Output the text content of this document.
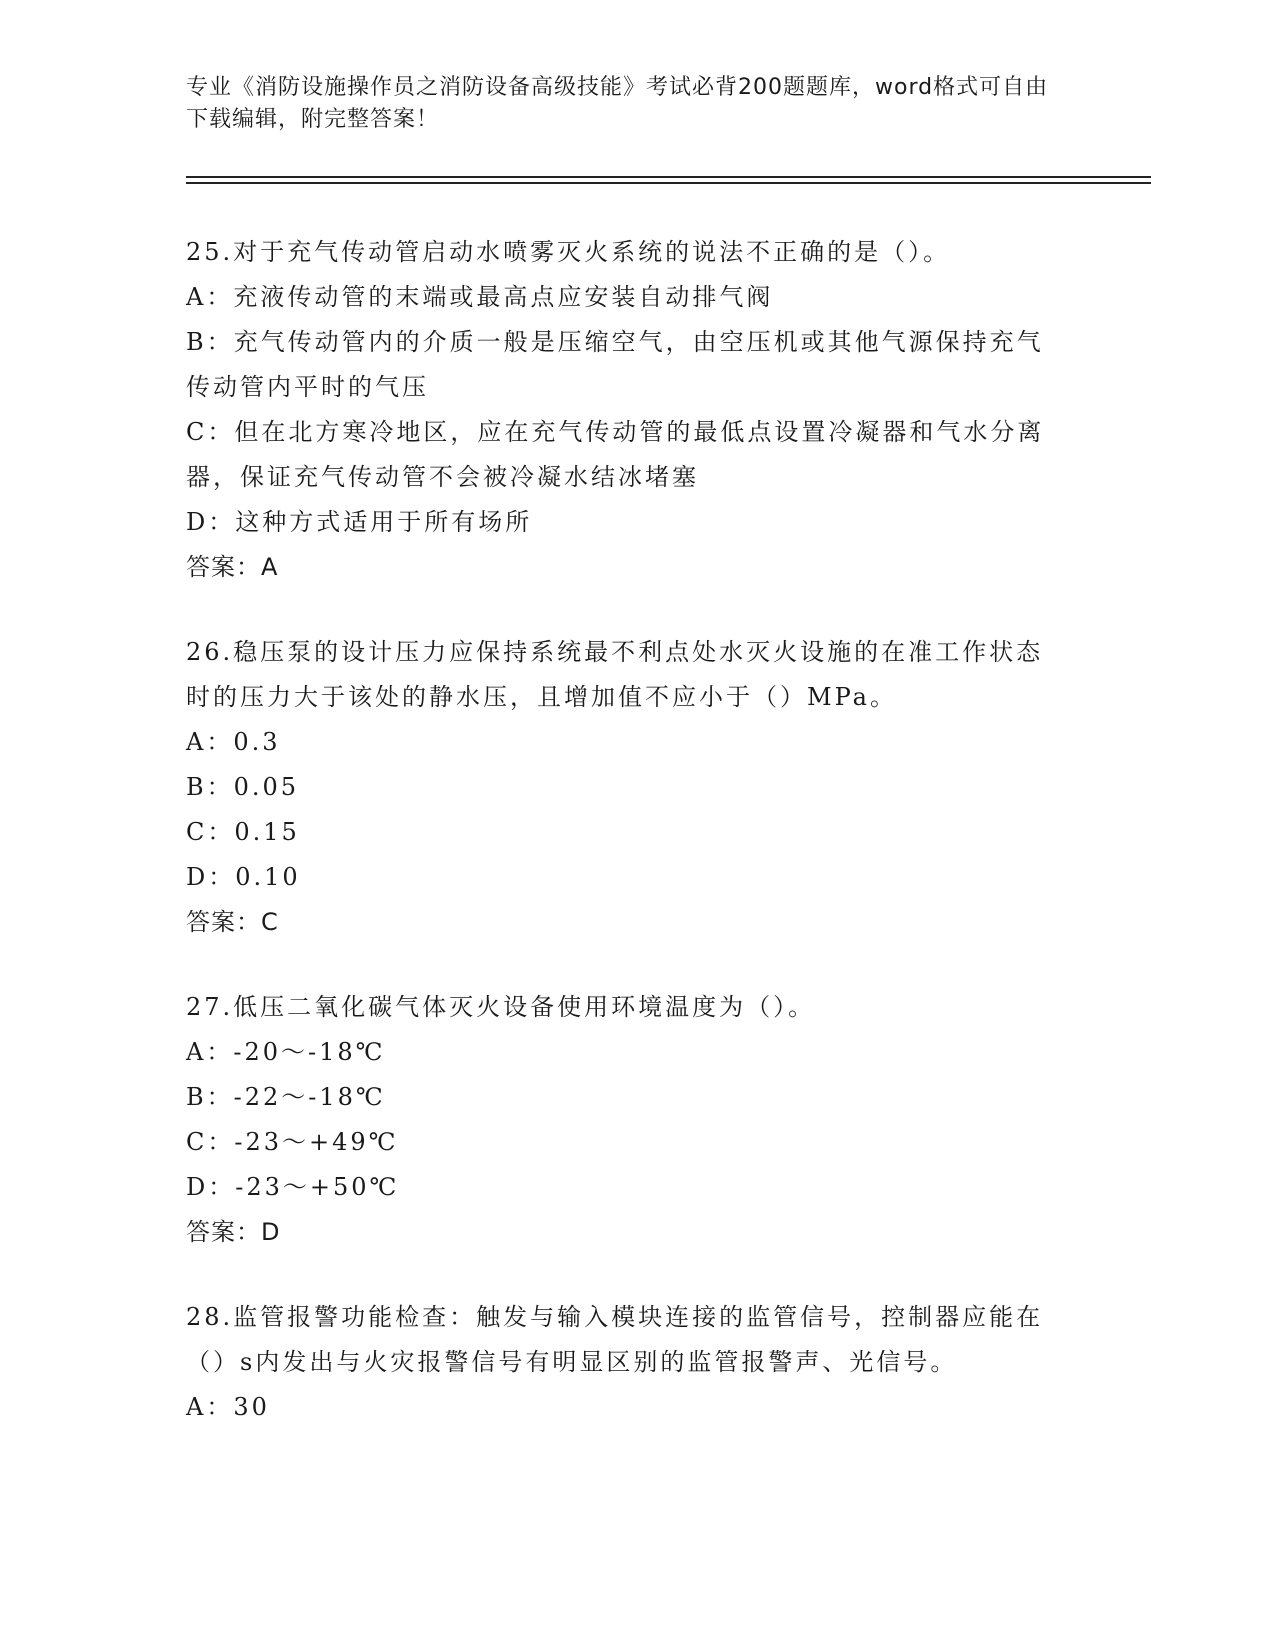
专业《消防设施操作员之消防设备高级技能》考试必背200题题库，word格式可自由下载编辑，附完整答案！
25.对于充气传动管启动水喷雾灭火系统的说法不正确的是（）。
A：充液传动管的末端或最高点应安装自动排气阀
B：充气传动管内的介质一般是压缩空气，由空压机或其他气源保持充气传动管内平时的气压
C：但在北方寒冷地区，应在充气传动管的最低点设置冷凝器和气水分离器，保证充气传动管不会被冷凝水结冰堵塞
D：这种方式适用于所有场所
答案：A
26.稳压泵的设计压力应保持系统最不利点处水灭火设施的在准工作状态时的压力大于该处的静水压，且增加值不应小于（）MPa。
A：0.3
B：0.05
C：0.15
D：0.10
答案：C
27.低压二氧化碳气体灭火设备使用环境温度为（）。
A：-20～-18℃
B：-22～-18℃
C：-23～+49℃
D：-23～+50℃
答案：D
28.监管报警功能检查：触发与输入模块连接的监管信号，控制器应能在（）s内发出与火灾报警信号有明显区别的监管报警声、光信号。
A：30
